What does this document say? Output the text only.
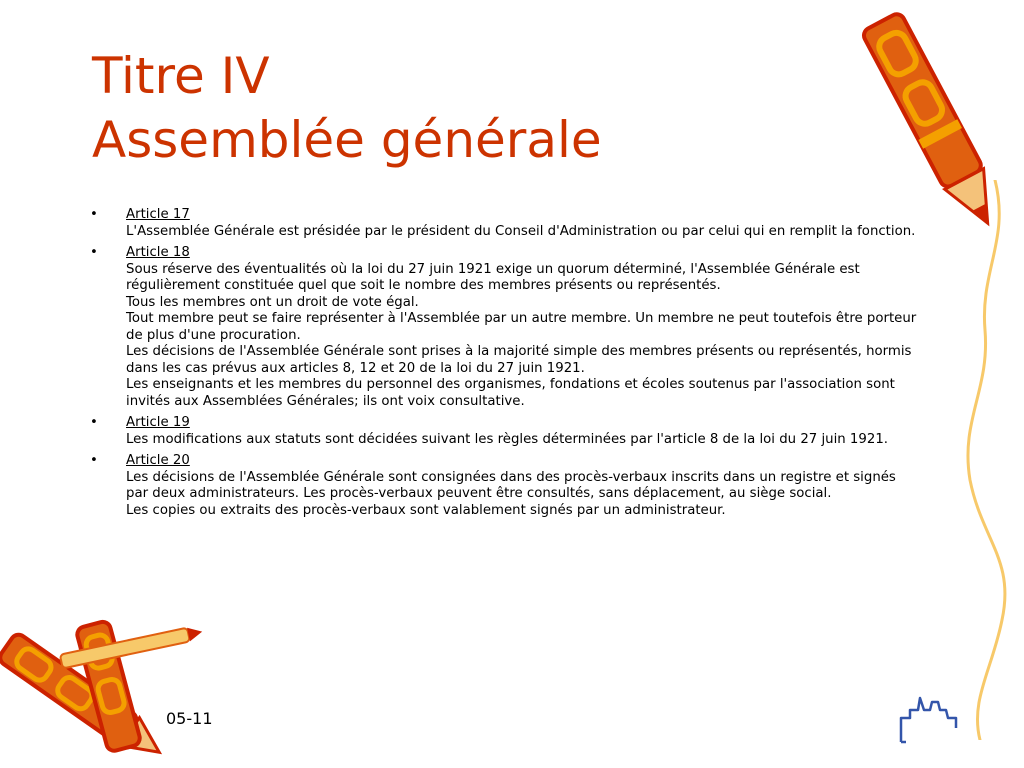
Titre IV
Assemblée générale
•	Article 17
L'Assemblée Générale est présidée par le président du Conseil d'Administration ou par celui qui en remplit la fonction.
•	Article 18
Sous réserve des éventualités où la loi du 27 juin 1921 exige un quorum déterminé, l'Assemblée Générale est régulièrement constituée quel que soit le nombre des membres présents ou représentés.
Tous les membres ont un droit de vote égal.
Tout membre peut se faire représenter à l'Assemblée par un autre membre. Un membre ne peut toutefois être porteur de plus d'une procuration.
Les décisions de l'Assemblée Générale sont prises à la majorité simple des membres présents ou représentés, hormis dans les cas prévus aux articles 8, 12 et 20 de la loi du 27 juin 1921.
Les enseignants et les membres du personnel des organismes, fondations et écoles soutenus par l'association sont invités aux Assemblées Générales; ils ont voix consultative.
•	Article 19
Les modifications aux statuts sont décidées suivant les règles déterminées par l'article 8 de la loi du 27 juin 1921.
•	Article 20
Les décisions de l'Assemblée Générale sont consignées dans des procès-verbaux inscrits dans un registre et signés par deux administrateurs. Les procès-verbaux peuvent être consultés, sans déplacement, au siège social.
Les copies ou extraits des procès-verbaux sont valablement signés par un administrateur.
05-11
